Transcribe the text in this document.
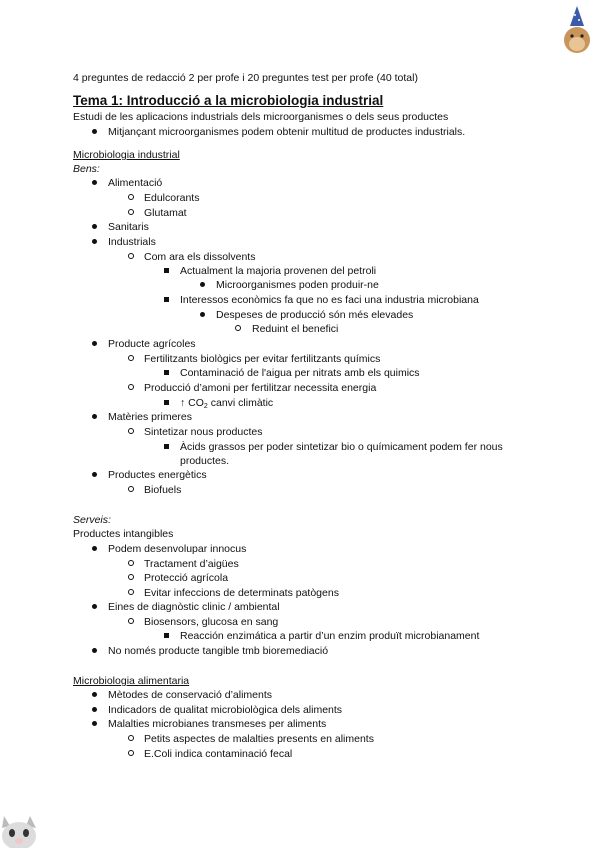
4 preguntes de redacció 2 per profe i 20 preguntes test per profe (40 total)
Tema 1: Introducció a la microbiologia industrial
Estudi de les aplicacions industrials dels microorganismes o dels seus productes
Mitjançant microorganismes podem obtenir multitud de productes industrials.
Microbiologia industrial
Bens:
Alimentació
Edulcorants
Glutamat
Sanitaris
Industrials
Com ara els dissolvents
Actualment la majoria provenen del petroli
Microorganismes poden produir-ne
Interessos econòmics fa que no es faci una industria microbiana
Despeses de producció són més elevades
Reduint el benefici
Producte agrícoles
Fertilitzants biològics per evitar fertilitzants químics
Contaminació de l'aigua per nitrats amb els quimics
Producció d’amoni per fertilitzar necessita energia
↑ $CO_2$ canvi climàtic
Matèries primeres
Sintetizar nous productes
Àcids grassos per poder sintetizar bio o químicament podem fer nous
productes.
Productes energètics
Biofuels
Serveis:
Productes intangibles
Podem desenvolupar innocus
Tractament d’aigües
Protecció agrícola
Evitar infeccions de determinats patògens
Eines de diagnòstic clinic / ambiental
Biosensors, glucosa en sang
Reacción enzimática a partir d’un enzim produït microbianament
No només producte tangible tmb bioremediació
Microbiologia alimentaria
Mètodes de conservació d’aliments
Indicadors de qualitat microbiològica dels aliments
Malalties microbianes transmeses per aliments
Petits aspectes de malalties presents en aliments
E.Coli indica contaminació fecal
